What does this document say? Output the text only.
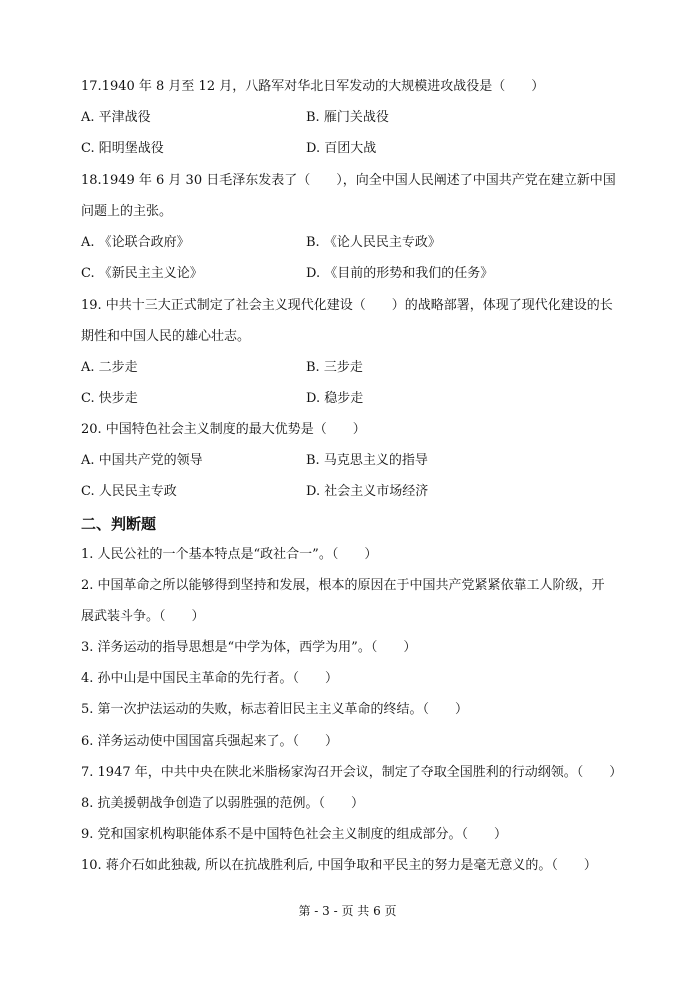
17.1940 年 8 月至 12 月，八路军对华北日军发动的大规模进攻战役是（　　）
A. 平津战役	B. 雁门关战役
C. 阳明堡战役	D. 百团大战
18.1949 年 6 月 30 日毛泽东发表了（　　），向全中国人民阐述了中国共产党在建立新中国
问题上的主张。
A. 《论联合政府》	B. 《论人民民主专政》
C. 《新民主主义论》	D. 《目前的形势和我们的任务》
19. 中共十三大正式制定了社会主义现代化建设（　　）的战略部署，体现了现代化建设的长
期性和中国人民的雄心壮志。
A. 二步走	B. 三步走
C. 快步走	D. 稳步走
20. 中国特色社会主义制度的最大优势是（　　）
A. 中国共产党的领导	B. 马克思主义的指导
C. 人民民主专政	D. 社会主义市场经济
二、判断题
1. 人民公社的一个基本特点是“政社合一”。（　　）
2. 中国革命之所以能够得到坚持和发展，根本的原因在于中国共产党紧紧依靠工人阶级，开
展武装斗争。（　　）
3. 洋务运动的指导思想是“中学为体，西学为用”。（　　）
4. 孙中山是中国民主革命的先行者。（　　）
5. 第一次护法运动的失败，标志着旧民主主义革命的终结。（　　）
6. 洋务运动使中国国富兵强起来了。（　　）
7. 1947 年，中共中央在陕北米脂杨家沟召开会议，制定了夺取全国胜利的行动纲领。（　　）
8. 抗美援朝战争创造了以弱胜强的范例。（　　）
9. 党和国家机构职能体系不是中国特色社会主义制度的组成部分。（　　）
10. 蒋介石如此独裁, 所以在抗战胜利后, 中国争取和平民主的努力是毫无意义的。（　　）
第 - 3 - 页 共 6 页
